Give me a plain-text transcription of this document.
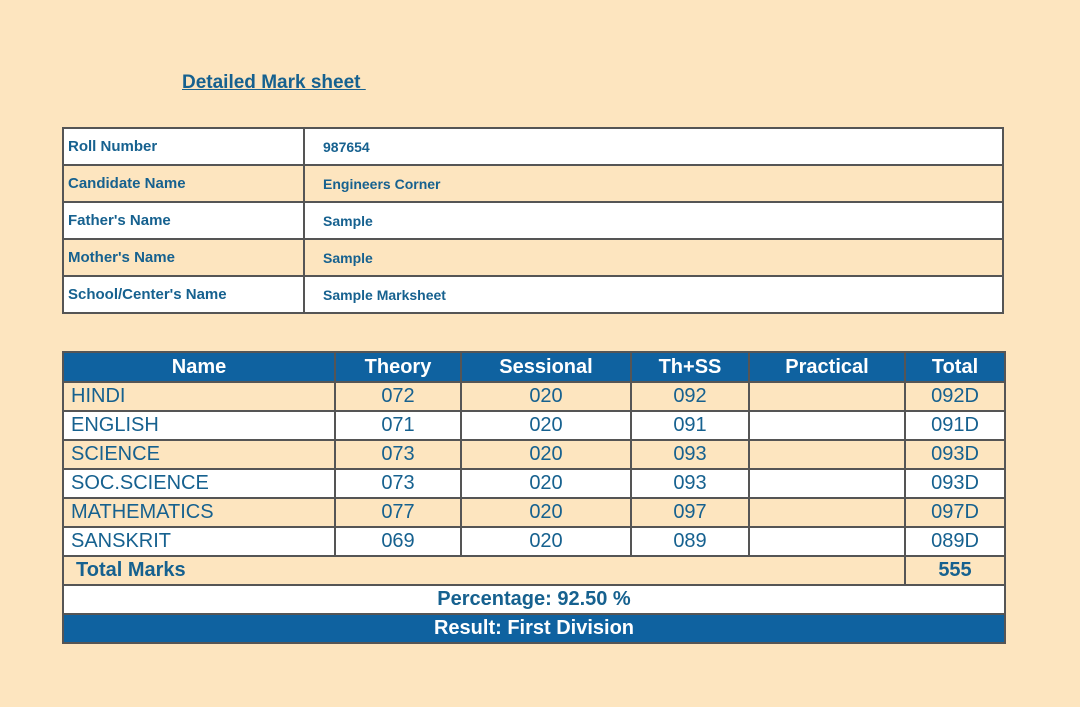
Detailed Mark sheet
Roll Number	987654
Candidate Name	Engineers Corner
Father's Name	Sample
Mother's Name	Sample
School/Center's Name	Sample Marksheet
Name	Theory	Sessional	Th+SS	Practical	Total
HINDI	072	020	092		092D
ENGLISH	071	020	091		091D
SCIENCE	073	020	093		093D
SOC.SCIENCE	073	020	093		093D
MATHEMATICS	077	020	097		097D
SANSKRIT	069	020	089		089D
Total Marks					555
Percentage: 92.50 %					
Result: First Division					
